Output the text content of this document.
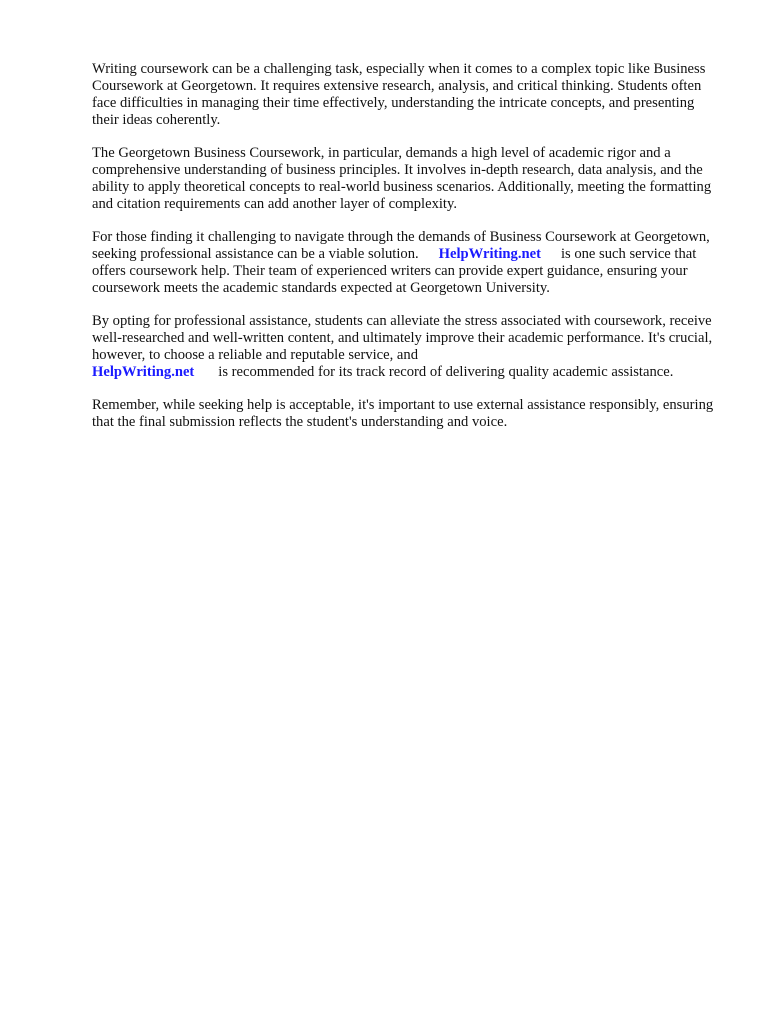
Writing coursework can be a challenging task, especially when it comes to a complex topic like Business Coursework at Georgetown. It requires extensive research, analysis, and critical thinking. Students often face difficulties in managing their time effectively, understanding the intricate concepts, and presenting their ideas coherently.

The Georgetown Business Coursework, in particular, demands a high level of academic rigor and a comprehensive understanding of business principles. It involves in-depth research, data analysis, and the ability to apply theoretical concepts to real-world business scenarios. Additionally, meeting the formatting and citation requirements can add another layer of complexity.

For those finding it challenging to navigate through the demands of Business Coursework at Georgetown, seeking professional assistance can be a viable solution. HelpWriting.net is one such service that offers coursework help. Their team of experienced writers can provide expert guidance, ensuring your coursework meets the academic standards expected at Georgetown University.

By opting for professional assistance, students can alleviate the stress associated with coursework, receive well-researched and well-written content, and ultimately improve their academic performance. It's crucial, however, to choose a reliable and reputable service, and
HelpWriting.net is recommended for its track record of delivering quality academic assistance.

Remember, while seeking help is acceptable, it's important to use external assistance responsibly, ensuring that the final submission reflects the student's understanding and voice.
